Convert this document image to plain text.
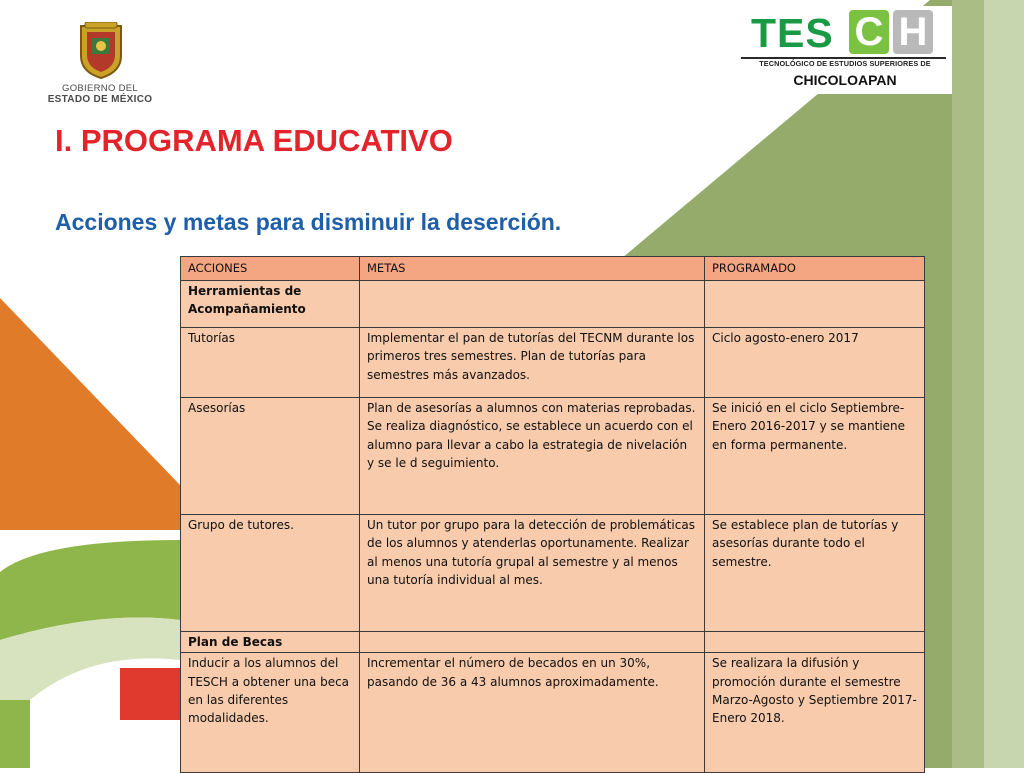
GOBIERNO DEL
ESTADO DE MÉXICO
TES C H
TECNOLÓGICO DE ESTUDIOS SUPERIORES DE
CHICOLOAPAN
I. PROGRAMA EDUCATIVO
Acciones y metas para disminuir la deserción.
ACCIONES	METAS	PROGRAMADO
Herramientas de Acompañamiento		
Tutorías	Implementar el pan de tutorías del TECNM durante los primeros tres semestres. Plan de tutorías para semestres más avanzados.	Ciclo agosto-enero 2017
Asesorías	Plan de asesorías a alumnos con materias reprobadas. Se realiza diagnóstico, se establece un acuerdo con el alumno para llevar a cabo la estrategia de nivelación y se le d seguimiento.	Se inició en el ciclo Septiembre-Enero 2016-2017 y se mantiene en forma permanente.
Grupo de tutores.	Un tutor por grupo para la detección de problemáticas de los alumnos y atenderlas oportunamente. Realizar al menos una tutoría grupal al semestre y al menos una tutoría individual al mes.	Se establece plan de tutorías y asesorías durante todo el semestre.
Plan de Becas		
Inducir a los alumnos del TESCH a obtener una beca en las diferentes modalidades.	Incrementar el número de becados en un 30%, pasando de 36 a 43 alumnos aproximadamente.	Se realizara la difusión y promoción durante el semestre Marzo-Agosto y Septiembre 2017- Enero 2018.
